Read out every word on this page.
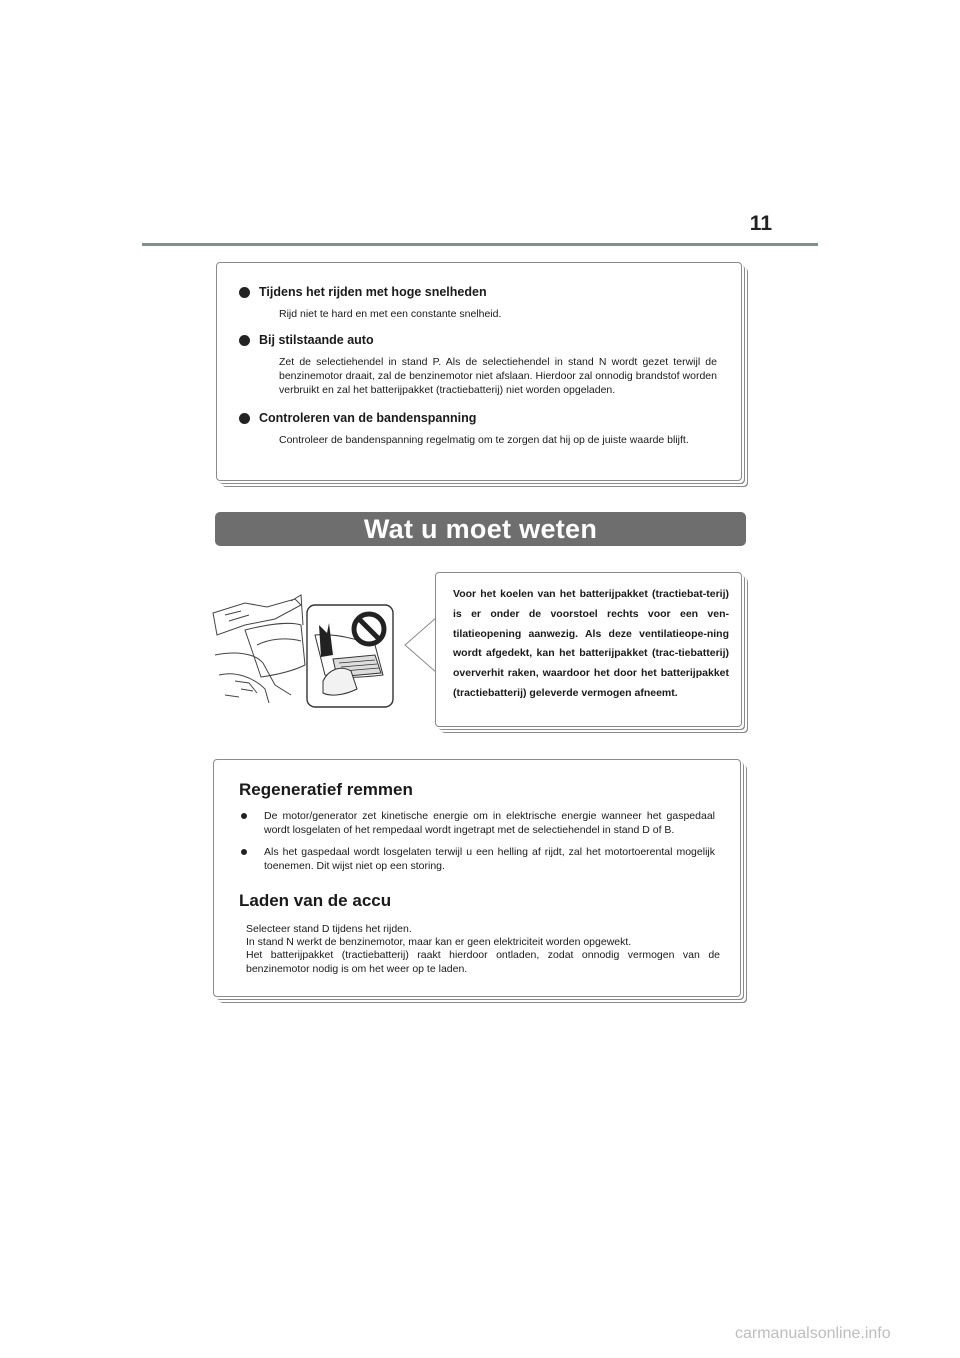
11
Tijdens het rijden met hoge snelheden
Rijd niet te hard en met een constante snelheid.
Bij stilstaande auto
Zet de selectiehendel in stand P. Als de selectiehendel in stand N wordt gezet terwijl de benzinemotor draait, zal de benzinemotor niet afslaan. Hierdoor zal onnodig brandstof worden verbruikt en zal het batterijpakket (tractiebatterij) niet worden opgeladen.
Controleren van de bandenspanning
Controleer de bandenspanning regelmatig om te zorgen dat hij op de juiste waarde blijft.
Wat u moet weten
Voor het koelen van het batterijpakket (tractiebat-terij) is er onder de voorstoel rechts voor een ven-tilatieopening aanwezig. Als deze ventilatieope-ning wordt afgedekt, kan het batterijpakket (trac-tiebatterij) oververhit raken, waardoor het door het batterijpakket (tractiebatterij) geleverde vermogen afneemt.
Regeneratief remmen
De motor/generator zet kinetische energie om in elektrische energie wanneer het gaspedaal wordt losgelaten of het rempedaal wordt ingetrapt met de selectiehendel in stand D of B.
Als het gaspedaal wordt losgelaten terwijl u een helling af rijdt, zal het motortoerental mogelijk toenemen. Dit wijst niet op een storing.
Laden van de accu
Selecteer stand D tijdens het rijden.
In stand N werkt de benzinemotor, maar kan er geen elektriciteit worden opgewekt.
Het batterijpakket (tractiebatterij) raakt hierdoor ontladen, zodat onnodig vermogen van de benzinemotor nodig is om het weer op te laden.
carmanualsonline.info
